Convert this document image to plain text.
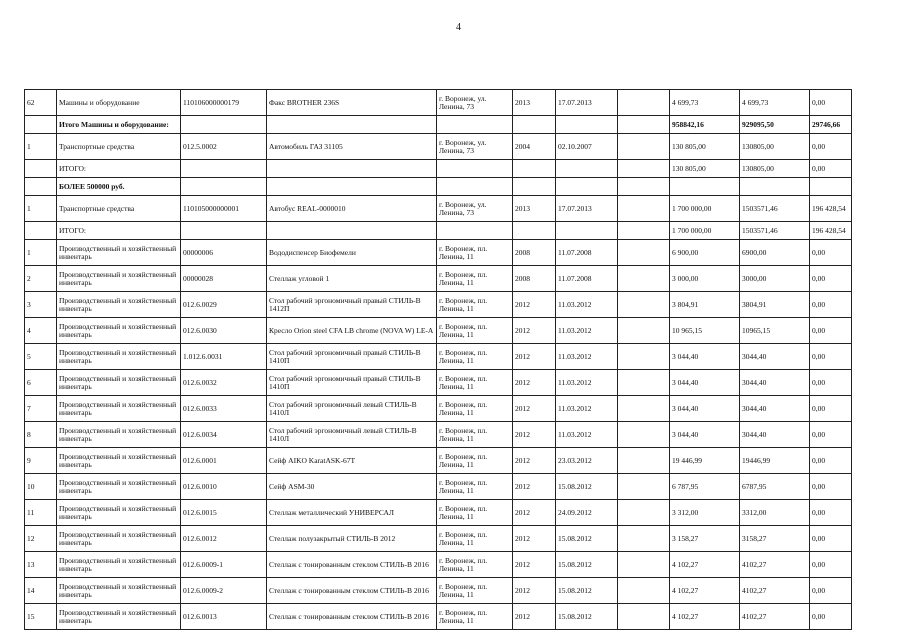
4
62	Машины и оборудование	110106000000179	Факс BROTHER 236S	г. Воронеж, ул. Ленина, 73	2013	17.07.2013		4 699,73	4 699,73	0,00
	Итого Машины и оборудование:							958842,16	929095,50	29746,66
1	Транспортные средства	012.5.0002	Автомобиль ГАЗ 31105	г. Воронеж, ул. Ленина, 73	2004	02.10.2007		130 805,00	130805,00	0,00
	ИТОГО:							130 805,00	130805,00	0,00
	БОЛЕЕ 500000 руб.									
1	Транспортные средства	110105000000001	Автобус REAL-0000010	г. Воронеж, ул. Ленина, 73	2013	17.07.2013		1 700 000,00	1503571,46	196 428,54
	ИТОГО:							1 700 000,00	1503571,46	196 428,54
1	Производственный и хозяйственный инвентарь	00000006	Вододиспенсер Биофемели	г. Воронеж, пл. Ленина, 11	2008	11.07.2008		6 900,00	6900,00	0,00
2	Производственный и хозяйственный инвентарь	00000028	Стеллаж угловой 1	г. Воронеж, пл. Ленина, 11	2008	11.07.2008		3 000,00	3000,00	0,00
3	Производственный и хозяйственный инвентарь	012.6.0029	Стол рабочий эргономичный правый СТИЛЬ-В 1412П	г. Воронеж, пл. Ленина, 11	2012	11.03.2012		3 804,91	3804,91	0,00
4	Производственный и хозяйственный инвентарь	012.6.0030	Кресло Orion steel CFA LB chrome (NOVA W) LE-A	г. Воронеж, пл. Ленина, 11	2012	11.03.2012		10 965,15	10965,15	0,00
5	Производственный и хозяйственный инвентарь	1.012.6.0031	Стол рабочий эргономичный правый СТИЛЬ-В 1410П	г. Воронеж, пл. Ленина, 11	2012	11.03.2012		3 044,40	3044,40	0,00
6	Производственный и хозяйственный инвентарь	012.6.0032	Стол рабочий эргономичный правый СТИЛЬ-В 1410П	г. Воронеж, пл. Ленина, 11	2012	11.03.2012		3 044,40	3044,40	0,00
7	Производственный и хозяйственный инвентарь	012.6.0033	Стол рабочий эргономичный левый СТИЛЬ-В 1410Л	г. Воронеж, пл. Ленина, 11	2012	11.03.2012		3 044,40	3044,40	0,00
8	Производственный и хозяйственный инвентарь	012.6.0034	Стол рабочий эргономичный левый СТИЛЬ-В 1410Л	г. Воронеж, пл. Ленина, 11	2012	11.03.2012		3 044,40	3044,40	0,00
9	Производственный и хозяйственный инвентарь	012.6.0001	Сейф AIKO KaratASK-67T	г. Воронеж, пл. Ленина, 11	2012	23.03.2012		19 446,99	19446,99	0,00
10	Производственный и хозяйственный инвентарь	012.6.0010	Сейф ASM-30	г. Воронеж, пл. Ленина, 11	2012	15.08.2012		6 787,95	6787,95	0,00
11	Производственный и хозяйственный инвентарь	012.6.0015	Стеллаж металлический УНИВЕРСАЛ	г. Воронеж, пл. Ленина, 11	2012	24.09.2012		3 312,00	3312,00	0,00
12	Производственный и хозяйственный инвентарь	012.6.0012	Стеллаж полузакрытый СТИЛЬ-В 2012	г. Воронеж, пл. Ленина, 11	2012	15.08.2012		3 158,27	3158,27	0,00
13	Производственный и хозяйственный инвентарь	012.6.0009-1	Стеллаж с тонированным стеклом СТИЛЬ-В 2016	г. Воронеж, пл. Ленина, 11	2012	15.08.2012		4 102,27	4102,27	0,00
14	Производственный и хозяйственный инвентарь	012.6.0009-2	Стеллаж с тонированным стеклом СТИЛЬ-В 2016	г. Воронеж, пл. Ленина, 11	2012	15.08.2012		4 102,27	4102,27	0,00
15	Производственный и хозяйственный инвентарь	012.6.0013	Стеллаж с тонированным стеклом СТИЛЬ-В 2016	г. Воронеж, пл. Ленина, 11	2012	15.08.2012		4 102,27	4102,27	0,00
